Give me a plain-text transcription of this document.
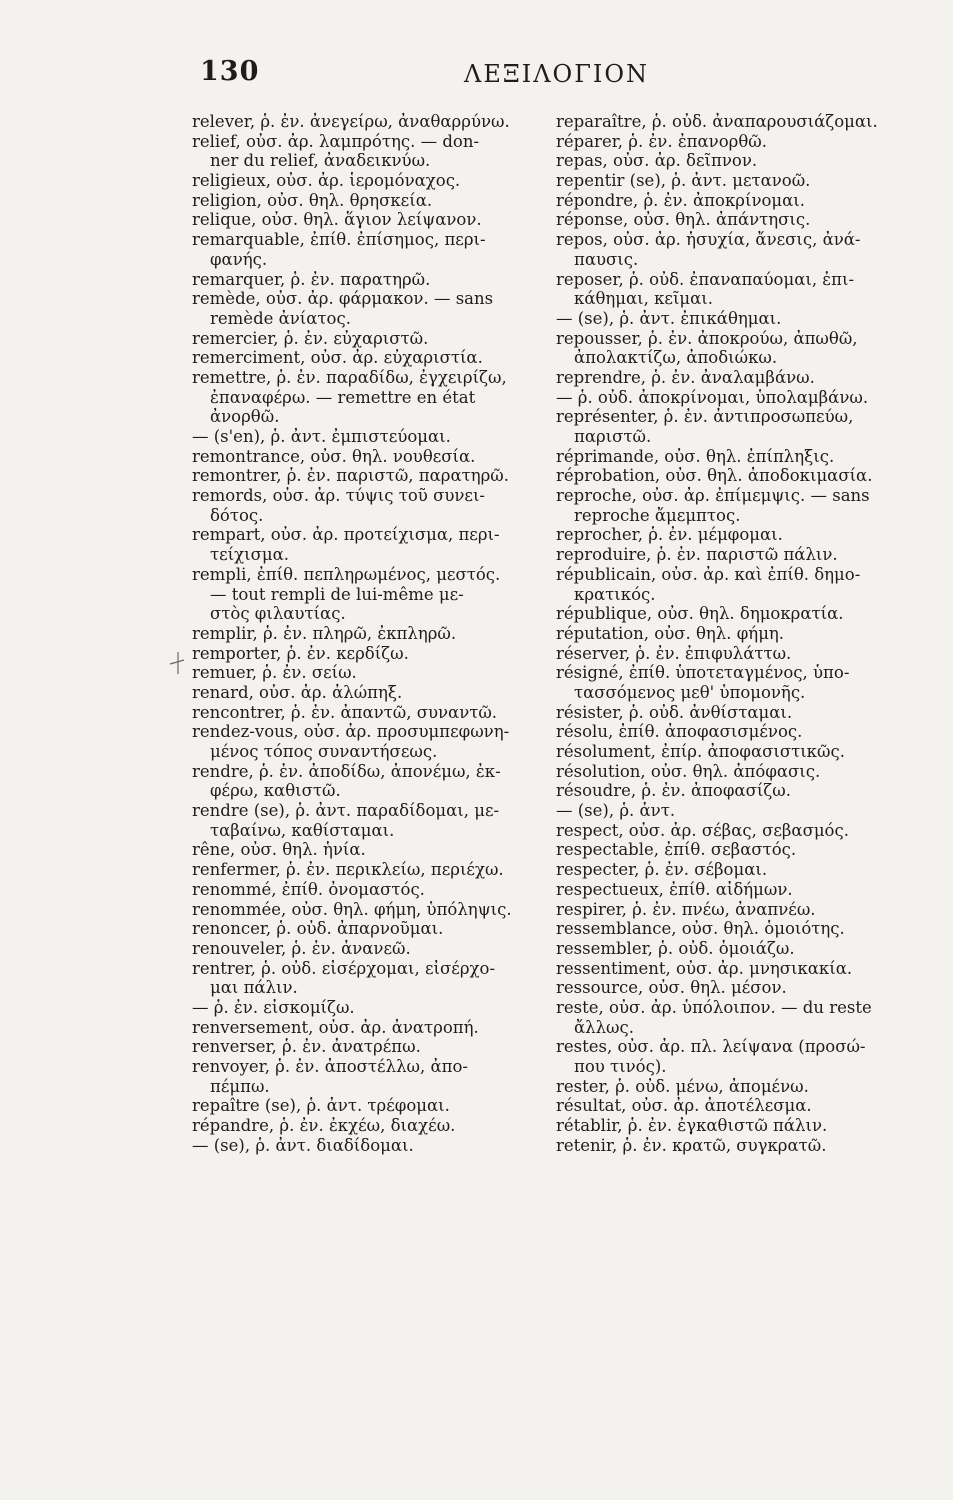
130	ΛΕΞΙΛΟΓΙΟΝ
relever, ῥ. ἐν. ἀνεγείρω, ἀναθαρρύνω.
relief, οὐσ. ἀρ. λαμπρότης. — don-
ner du relief, ἀναδεικνύω.
religieux, οὐσ. ἀρ. ἱερομόναχος.
religion, οὐσ. θηλ. θρησκεία.
relique, οὐσ. θηλ. ἅγιον λείψανον.
remarquable, ἐπίθ. ἐπίσημος, περι-
φανής.
remarquer, ῥ. ἐν. παρατηρῶ.
remède, οὐσ. ἀρ. φάρμακον. — sans
remède ἀνίατος.
remercier, ῥ. ἐν. εὐχαριστῶ.
remerciment, οὐσ. ἀρ. εὐχαριστία.
remettre, ῥ. ἐν. παραδίδω, ἐγχειρίζω,
ἐπαναφέρω. — remettre en état
ἀνορθῶ.
— (s'en), ῥ. ἀντ. ἐμπιστεύομαι.
remontrance, οὐσ. θηλ. νουθεσία.
remontrer, ῥ. ἐν. παριστῶ, παρατηρῶ.
remords, οὐσ. ἀρ. τύψις τοῦ συνει-
δότος.
rempart, οὐσ. ἀρ. προτείχισμα, περι-
τείχισμα.
rempli, ἐπίθ. πεπληρωμένος, μεστός.
— tout rempli de lui-même με-
στὸς φιλαυτίας.
remplir, ῥ. ἐν. πληρῶ, ἐκπληρῶ.
remporter, ῥ. ἐν. κερδίζω.
remuer, ῥ. ἐν. σείω.
renard, οὐσ. ἀρ. ἀλώπηξ.
rencontrer, ῥ. ἐν. ἀπαντῶ, συναντῶ.
rendez-vous, οὐσ. ἀρ. προσυμπεφωνη-
μένος τόπος συναντήσεως.
rendre, ῥ. ἐν. ἀποδίδω, ἀπονέμω, ἐκ-
φέρω, καθιστῶ.
rendre (se), ῥ. ἀντ. παραδίδομαι, με-
ταβαίνω, καθίσταμαι.
rêne, οὐσ. θηλ. ἡνία.
renfermer, ῥ. ἐν. περικλείω, περιέχω.
renommé, ἐπίθ. ὀνομαστός.
renommée, οὐσ. θηλ. φήμη, ὑπόληψις.
renoncer, ῥ. οὐδ. ἀπαρνοῦμαι.
renouveler, ῥ. ἐν. ἀνανεῶ.
rentrer, ῥ. οὐδ. εἰσέρχομαι, εἰσέρχο-
μαι πάλιν.
— ῥ. ἐν. εἰσκομίζω.
renversement, οὐσ. ἀρ. ἀνατροπή.
renverser, ῥ. ἐν. ἀνατρέπω.
renvoyer, ῥ. ἐν. ἀποστέλλω, ἀπο-
πέμπω.
repaître (se), ῥ. ἀντ. τρέφομαι.
répandre, ῥ. ἐν. ἐκχέω, διαχέω.
— (se), ῥ. ἀντ. διαδίδομαι.
reparaître, ῥ. οὐδ. ἀναπαρουσιάζομαι.
réparer, ῥ. ἐν. ἐπανορθῶ.
repas, οὐσ. ἀρ. δεῖπνον.
repentir (se), ῥ. ἀντ. μετανοῶ.
répondre, ῥ. ἐν. ἀποκρίνομαι.
réponse, οὐσ. θηλ. ἀπάντησις.
repos, οὐσ. ἀρ. ἡσυχία, ἄνεσις, ἀνά-
παυσις.
reposer, ῥ. οὐδ. ἐπαναπαύομαι, ἐπι-
κάθημαι, κεῖμαι.
— (se), ῥ. ἀντ. ἐπικάθημαι.
repousser, ῥ. ἐν. ἀποκρούω, ἀπωθῶ,
ἀπολακτίζω, ἀποδιώκω.
reprendre, ῥ. ἐν. ἀναλαμβάνω.
— ῥ. οὐδ. ἀποκρίνομαι, ὑπολαμβάνω.
représenter, ῥ. ἐν. ἀντιπροσωπεύω,
παριστῶ.
réprimande, οὐσ. θηλ. ἐπίπληξις.
réprobation, οὐσ. θηλ. ἀποδοκιμασία.
reproche, οὐσ. ἀρ. ἐπίμεμψις. — sans
reproche ἄμεμπτος.
reprocher, ῥ. ἐν. μέμφομαι.
reproduire, ῥ. ἐν. παριστῶ πάλιν.
républicain, οὐσ. ἀρ. καὶ ἐπίθ. δημο-
κρατικός.
république, οὐσ. θηλ. δημοκρατία.
réputation, οὐσ. θηλ. φήμη.
réserver, ῥ. ἐν. ἐπιφυλάττω.
résigné, ἐπίθ. ὑποτεταγμένος, ὑπο-
τασσόμενος μεθ' ὑπομονῆς.
résister, ῥ. οὐδ. ἀνθίσταμαι.
résolu, ἐπίθ. ἀποφασισμένος.
résolument, ἐπίρ. ἀποφασιστικῶς.
résolution, οὐσ. θηλ. ἀπόφασις.
résoudre, ῥ. ἐν. ἀποφασίζω.
— (se), ῥ. ἀντ.
respect, οὐσ. ἀρ. σέβας, σεβασμός.
respectable, ἐπίθ. σεβαστός.
respecter, ῥ. ἐν. σέβομαι.
respectueux, ἐπίθ. αἰδήμων.
respirer, ῥ. ἐν. πνέω, ἀναπνέω.
ressemblance, οὐσ. θηλ. ὁμοιότης.
ressembler, ῥ. οὐδ. ὁμοιάζω.
ressentiment, οὐσ. ἀρ. μνησικακία.
ressource, οὐσ. θηλ. μέσον.
reste, οὐσ. ἀρ. ὑπόλοιπον. — du reste
ἄλλως.
restes, οὐσ. ἀρ. πλ. λείψανα (προσώ-
που τινός).
rester, ῥ. οὐδ. μένω, ἀπομένω.
résultat, οὐσ. ἀρ. ἀποτέλεσμα.
rétablir, ῥ. ἐν. ἐγκαθιστῶ πάλιν.
retenir, ῥ. ἐν. κρατῶ, συγκρατῶ.
